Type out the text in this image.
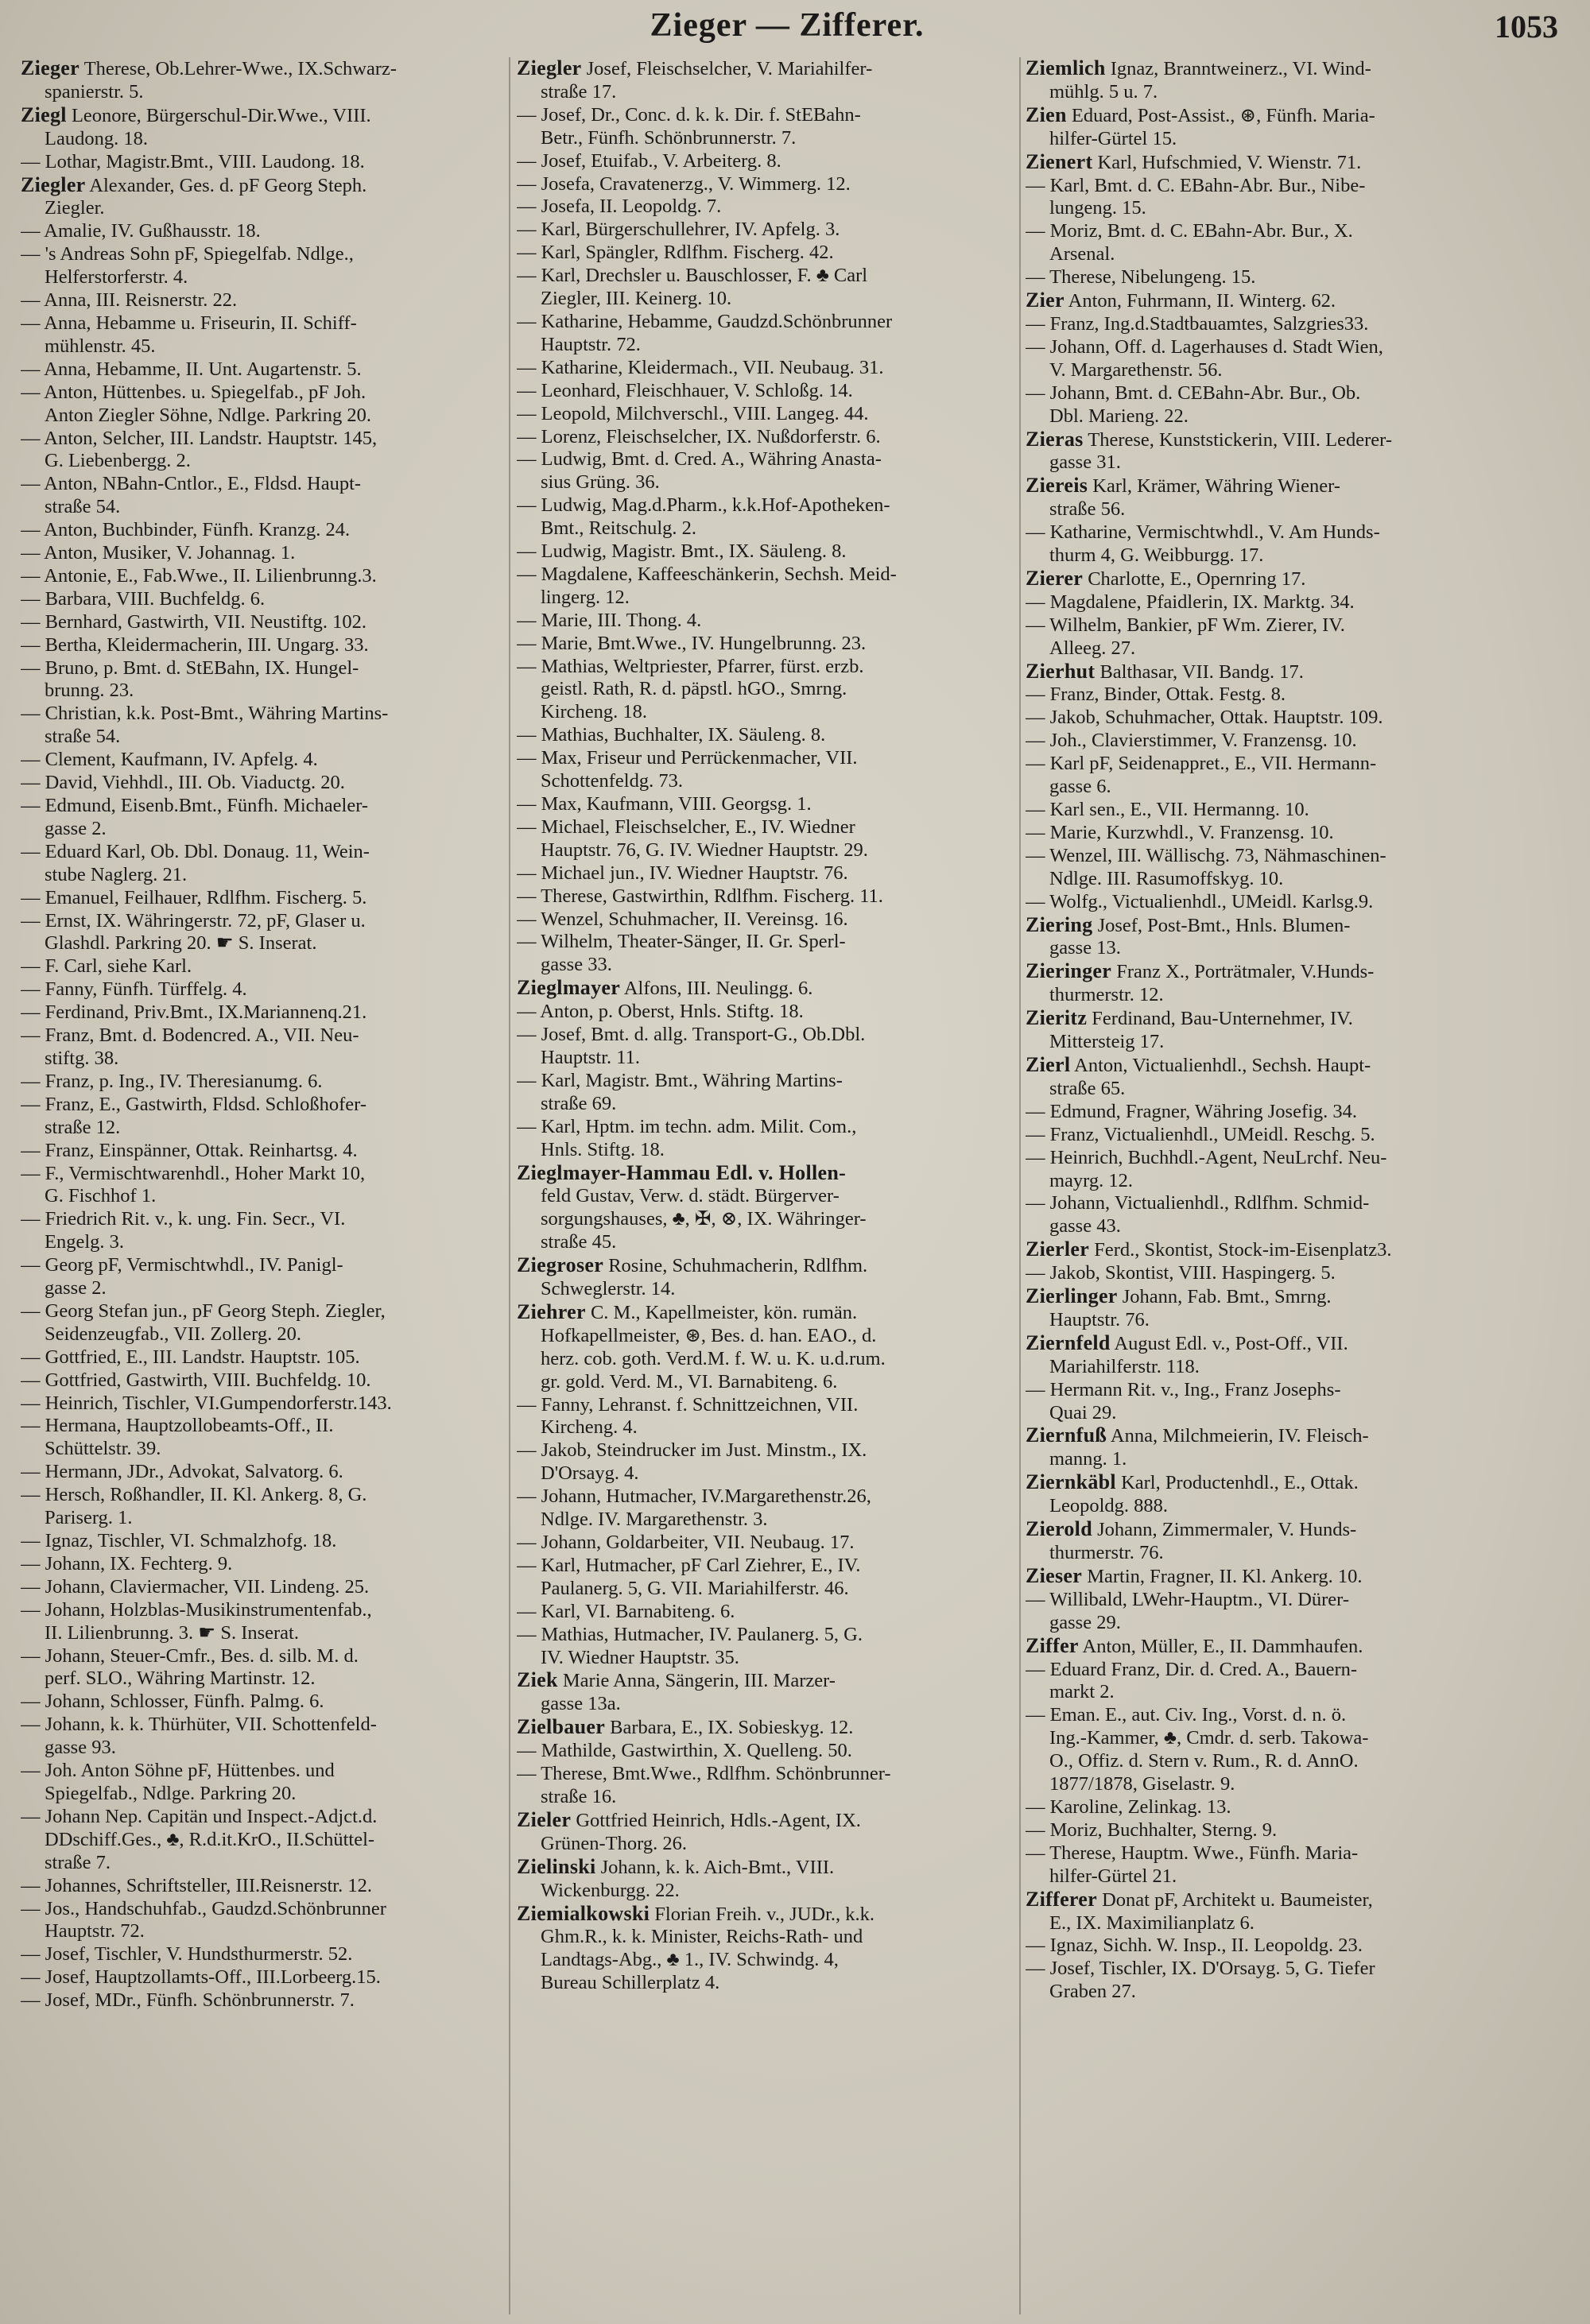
Zieger — Zifferer.	1053
Zieger Therese, Ob.Lehrer-Wwe., IX.Schwarz-
spanierstr. 5.
Ziegl Leonore, Bürgerschul-Dir.Wwe., VIII.
Laudong. 18.
— Lothar, Magistr.Bmt., VIII. Laudong. 18.
Ziegler Alexander, Ges. d. pF Georg Steph.
Ziegler.
— Amalie, IV. Gußhausstr. 18.
— 's Andreas Sohn pF, Spiegelfab. Ndlge.,
Helferstorferstr. 4.
— Anna, III. Reisnerstr. 22.
— Anna, Hebamme u. Friseurin, II. Schiff-
mühlenstr. 45.
— Anna, Hebamme, II. Unt. Augartenstr. 5.
— Anton, Hüttenbes. u. Spiegelfab., pF Joh.
Anton Ziegler Söhne, Ndlge. Parkring 20.
— Anton, Selcher, III. Landstr. Hauptstr. 145,
G. Liebenbergg. 2.
— Anton, NBahn-Cntlor., E., Fldsd. Haupt-
straße 54.
— Anton, Buchbinder, Fünfh. Kranzg. 24.
— Anton, Musiker, V. Johannag. 1.
— Antonie, E., Fab.Wwe., II. Lilienbrunng.3.
— Barbara, VIII. Buchfeldg. 6.
— Bernhard, Gastwirth, VII. Neustiftg. 102.
— Bertha, Kleidermacherin, III. Ungarg. 33.
— Bruno, p. Bmt. d. StEBahn, IX. Hungel-
brunng. 23.
— Christian, k.k. Post-Bmt., Währing Martins-
straße 54.
— Clement, Kaufmann, IV. Apfelg. 4.
— David, Viehhdl., III. Ob. Viaductg. 20.
— Edmund, Eisenb.Bmt., Fünfh. Michaeler-
gasse 2.
— Eduard Karl, Ob. Dbl. Donaug. 11, Wein-
stube Naglerg. 21.
— Emanuel, Feilhauer, Rdlfhm. Fischerg. 5.
— Ernst, IX. Währingerstr. 72, pF, Glaser u.
Glashdl. Parkring 20. ☛ S. Inserat.
— F. Carl, siehe Karl.
— Fanny, Fünfh. Türffelg. 4.
— Ferdinand, Priv.Bmt., IX.Mariannenq.21.
— Franz, Bmt. d. Bodencred. A., VII. Neu-
stiftg. 38.
— Franz, p. Ing., IV. Theresianumg. 6.
— Franz, E., Gastwirth, Fldsd. Schloßhofer-
straße 12.
— Franz, Einspänner, Ottak. Reinhartsg. 4.
— F., Vermischtwarenhdl., Hoher Markt 10,
G. Fischhof 1.
— Friedrich Rit. v., k. ung. Fin. Secr., VI.
Engelg. 3.
— Georg pF, Vermischtwhdl., IV. Panigl-
gasse 2.
— Georg Stefan jun., pF Georg Steph. Ziegler,
Seidenzeugfab., VII. Zollerg. 20.
— Gottfried, E., III. Landstr. Hauptstr. 105.
— Gottfried, Gastwirth, VIII. Buchfeldg. 10.
— Heinrich, Tischler, VI.Gumpendorferstr.143.
— Hermana, Hauptzollobeamts-Off., II.
Schüttelstr. 39.
— Hermann, JDr., Advokat, Salvatorg. 6.
— Hersch, Roßhandler, II. Kl. Ankerg. 8, G.
Pariserg. 1.
— Ignaz, Tischler, VI. Schmalzhofg. 18.
— Johann, IX. Fechterg. 9.
— Johann, Claviermacher, VII. Lindeng. 25.
— Johann, Holzblas-Musikinstrumentenfab.,
II. Lilienbrunng. 3. ☛ S. Inserat.
— Johann, Steuer-Cmfr., Bes. d. silb. M. d.
perf. SLO., Währing Martinstr. 12.
— Johann, Schlosser, Fünfh. Palmg. 6.
— Johann, k. k. Thürhüter, VII. Schottenfeld-
gasse 93.
— Joh. Anton Söhne pF, Hüttenbes. und
Spiegelfab., Ndlge. Parkring 20.
— Johann Nep. Capitän und Inspect.-Adjct.d.
DDschiff.Ges., ♣, R.d.it.KrO., II.Schüttel-
straße 7.
— Johannes, Schriftsteller, III.Reisnerstr. 12.
— Jos., Handschuhfab., Gaudzd.Schönbrunner
Hauptstr. 72.
— Josef, Tischler, V. Hundsthurmerstr. 52.
— Josef, Hauptzollamts-Off., III.Lorbeerg.15.
— Josef, MDr., Fünfh. Schönbrunnerstr. 7.
Ziegler Josef, Fleischselcher, V. Mariahilfer-
straße 17.
— Josef, Dr., Conc. d. k. k. Dir. f. StEBahn-
Betr., Fünfh. Schönbrunnerstr. 7.
— Josef, Etuifab., V. Arbeiterg. 8.
— Josefa, Cravatenerzg., V. Wimmerg. 12.
— Josefa, II. Leopoldg. 7.
— Karl, Bürgerschullehrer, IV. Apfelg. 3.
— Karl, Spängler, Rdlfhm. Fischerg. 42.
— Karl, Drechsler u. Bauschlosser, F. ♣ Carl
Ziegler, III. Keinerg. 10.
— Katharine, Hebamme, Gaudzd.Schönbrunner
Hauptstr. 72.
— Katharine, Kleidermach., VII. Neubaug. 31.
— Leonhard, Fleischhauer, V. Schloßg. 14.
— Leopold, Milchverschl., VIII. Langeg. 44.
— Lorenz, Fleischselcher, IX. Nußdorferstr. 6.
— Ludwig, Bmt. d. Cred. A., Währing Anasta-
sius Grüng. 36.
— Ludwig, Mag.d.Pharm., k.k.Hof-Apotheken-
Bmt., Reitschulg. 2.
— Ludwig, Magistr. Bmt., IX. Säuleng. 8.
— Magdalene, Kaffeeschänkerin, Sechsh. Meid-
lingerg. 12.
— Marie, III. Thong. 4.
— Marie, Bmt.Wwe., IV. Hungelbrunng. 23.
— Mathias, Weltpriester, Pfarrer, fürst. erzb.
geistl. Rath, R. d. päpstl. hGO., Smrng.
Kircheng. 18.
— Mathias, Buchhalter, IX. Säuleng. 8.
— Max, Friseur und Perrückenmacher, VII.
Schottenfeldg. 73.
— Max, Kaufmann, VIII. Georgsg. 1.
— Michael, Fleischselcher, E., IV. Wiedner
Hauptstr. 76, G. IV. Wiedner Hauptstr. 29.
— Michael jun., IV. Wiedner Hauptstr. 76.
— Therese, Gastwirthin, Rdlfhm. Fischerg. 11.
— Wenzel, Schuhmacher, II. Vereinsg. 16.
— Wilhelm, Theater-Sänger, II. Gr. Sperl-
gasse 33.
Zieglmayer Alfons, III. Neulingg. 6.
— Anton, p. Oberst, Hnls. Stiftg. 18.
— Josef, Bmt. d. allg. Transport-G., Ob.Dbl.
Hauptstr. 11.
— Karl, Magistr. Bmt., Währing Martins-
straße 69.
— Karl, Hptm. im techn. adm. Milit. Com.,
Hnls. Stiftg. 18.
Zieglmayer-Hammau Edl. v. Hollen-
feld Gustav, Verw. d. städt. Bürgerver-
sorgungshauses, ♣, ✠, ⊗, IX. Währinger-
straße 45.
Ziegroser Rosine, Schuhmacherin, Rdlfhm.
Schweglerstr. 14.
Ziehrer C. M., Kapellmeister, kön. rumän.
Hofkapellmeister, ⊛, Bes. d. han. EAO., d.
herz. cob. goth. Verd.M. f. W. u. K. u.d.rum.
gr. gold. Verd. M., VI. Barnabiteng. 6.
— Fanny, Lehranst. f. Schnittzeichnen, VII.
Kircheng. 4.
— Jakob, Steindrucker im Just. Minstm., IX.
D'Orsayg. 4.
— Johann, Hutmacher, IV.Margarethenstr.26,
Ndlge. IV. Margarethenstr. 3.
— Johann, Goldarbeiter, VII. Neubaug. 17.
— Karl, Hutmacher, pF Carl Ziehrer, E., IV.
Paulanerg. 5, G. VII. Mariahilferstr. 46.
— Karl, VI. Barnabiteng. 6.
— Mathias, Hutmacher, IV. Paulanerg. 5, G.
IV. Wiedner Hauptstr. 35.
Ziek Marie Anna, Sängerin, III. Marzer-
gasse 13a.
Zielbauer Barbara, E., IX. Sobieskyg. 12.
— Mathilde, Gastwirthin, X. Quelleng. 50.
— Therese, Bmt.Wwe., Rdlfhm. Schönbrunner-
straße 16.
Zieler Gottfried Heinrich, Hdls.-Agent, IX.
Grünen-Thorg. 26.
Zielinski Johann, k. k. Aich-Bmt., VIII.
Wickenburgg. 22.
Ziemialkowski Florian Freih. v., JUDr., k.k.
Ghm.R., k. k. Minister, Reichs-Rath- und
Landtags-Abg., ♣ 1., IV. Schwindg. 4,
Bureau Schillerplatz 4.
Ziemlich Ignaz, Branntweinerz., VI. Wind-
mühlg. 5 u. 7.
Zien Eduard, Post-Assist., ⊛, Fünfh. Maria-
hilfer-Gürtel 15.
Zienert Karl, Hufschmied, V. Wienstr. 71.
— Karl, Bmt. d. C. EBahn-Abr. Bur., Nibe-
lungeng. 15.
— Moriz, Bmt. d. C. EBahn-Abr. Bur., X.
Arsenal.
— Therese, Nibelungeng. 15.
Zier Anton, Fuhrmann, II. Winterg. 62.
— Franz, Ing.d.Stadtbauamtes, Salzgries33.
— Johann, Off. d. Lagerhauses d. Stadt Wien,
V. Margarethenstr. 56.
— Johann, Bmt. d. CEBahn-Abr. Bur., Ob.
Dbl. Marieng. 22.
Zieras Therese, Kunststickerin, VIII. Lederer-
gasse 31.
Ziereis Karl, Krämer, Währing Wiener-
straße 56.
— Katharine, Vermischtwhdl., V. Am Hunds-
thurm 4, G. Weibburgg. 17.
Zierer Charlotte, E., Opernring 17.
— Magdalene, Pfaidlerin, IX. Marktg. 34.
— Wilhelm, Bankier, pF Wm. Zierer, IV.
Alleeg. 27.
Zierhut Balthasar, VII. Bandg. 17.
— Franz, Binder, Ottak. Festg. 8.
— Jakob, Schuhmacher, Ottak. Hauptstr. 109.
— Joh., Clavierstimmer, V. Franzensg. 10.
— Karl pF, Seidenappret., E., VII. Hermann-
gasse 6.
— Karl sen., E., VII. Hermanng. 10.
— Marie, Kurzwhdl., V. Franzensg. 10.
— Wenzel, III. Wällischg. 73, Nähmaschinen-
Ndlge. III. Rasumoffskyg. 10.
— Wolfg., Victualienhdl., UMeidl. Karlsg.9.
Ziering Josef, Post-Bmt., Hnls. Blumen-
gasse 13.
Zieringer Franz X., Porträtmaler, V.Hunds-
thurmerstr. 12.
Zieritz Ferdinand, Bau-Unternehmer, IV.
Mittersteig 17.
Zierl Anton, Victualienhdl., Sechsh. Haupt-
straße 65.
— Edmund, Fragner, Währing Josefig. 34.
— Franz, Victualienhdl., UMeidl. Reschg. 5.
— Heinrich, Buchhdl.-Agent, NeuLrchf. Neu-
mayrg. 12.
— Johann, Victualienhdl., Rdlfhm. Schmid-
gasse 43.
Zierler Ferd., Skontist, Stock-im-Eisenplatz3.
— Jakob, Skontist, VIII. Haspingerg. 5.
Zierlinger Johann, Fab. Bmt., Smrng.
Hauptstr. 76.
Ziernfeld August Edl. v., Post-Off., VII.
Mariahilferstr. 118.
— Hermann Rit. v., Ing., Franz Josephs-
Quai 29.
Ziernfuß Anna, Milchmeierin, IV. Fleisch-
manng. 1.
Ziernkäbl Karl, Productenhdl., E., Ottak.
Leopoldg. 888.
Zierold Johann, Zimmermaler, V. Hunds-
thurmerstr. 76.
Zieser Martin, Fragner, II. Kl. Ankerg. 10.
— Willibald, LWehr-Hauptm., VI. Dürer-
gasse 29.
Ziffer Anton, Müller, E., II. Dammhaufen.
— Eduard Franz, Dir. d. Cred. A., Bauern-
markt 2.
— Eman. E., aut. Civ. Ing., Vorst. d. n. ö.
Ing.-Kammer, ♣, Cmdr. d. serb. Takowa-
O., Offiz. d. Stern v. Rum., R. d. AnnO.
1877/1878, Giselastr. 9.
— Karoline, Zelinkag. 13.
— Moriz, Buchhalter, Sterng. 9.
— Therese, Hauptm. Wwe., Fünfh. Maria-
hilfer-Gürtel 21.
Zifferer Donat pF, Architekt u. Baumeister,
E., IX. Maximilianplatz 6.
— Ignaz, Sichh. W. Insp., II. Leopoldg. 23.
— Josef, Tischler, IX. D'Orsayg. 5, G. Tiefer
Graben 27.
